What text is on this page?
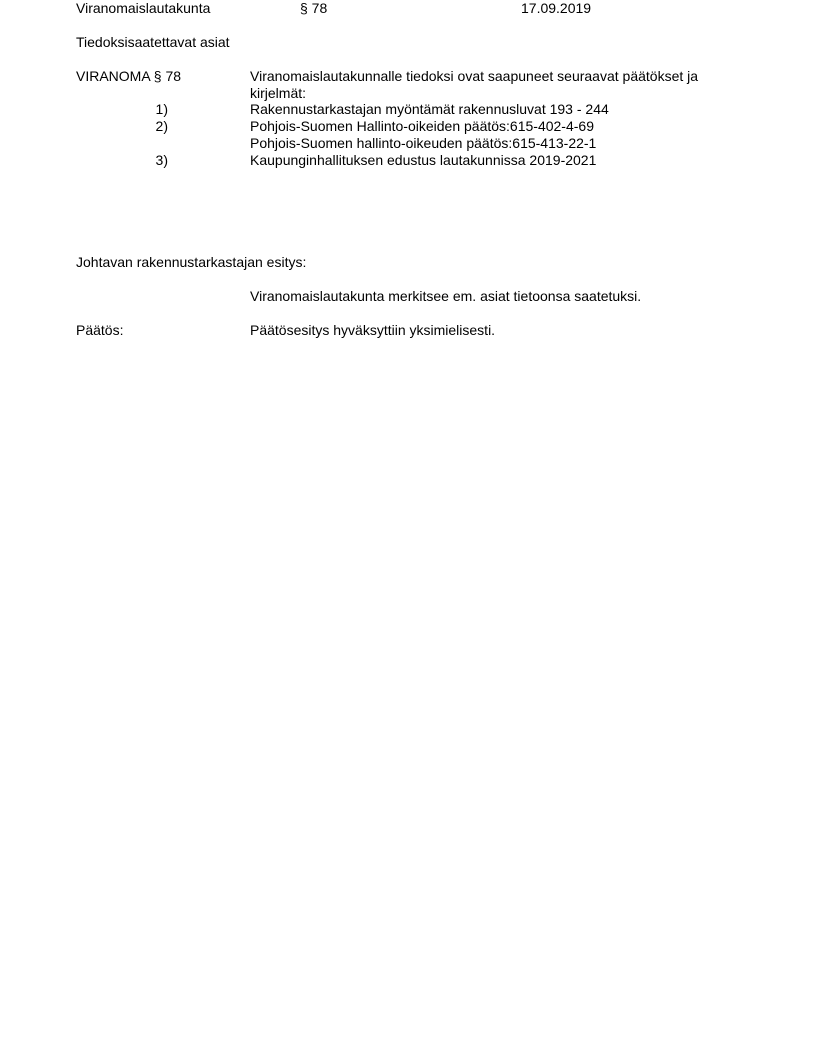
Viranomaislautakunta	§ 78	17.09.2019
Tiedoksisaatettavat asiat
VIRANOMA § 78	Viranomaislautakunnalle tiedoksi ovat saapuneet seuraavat päätökset ja kirjelmät:
1)	Rakennustarkastajan myöntämät rakennusluvat 193 - 244
2)	Pohjois-Suomen Hallinto-oikeiden päätös:615-402-4-69
Pohjois-Suomen hallinto-oikeuden päätös:615-413-22-1
3)	Kaupunginhallituksen edustus lautakunnissa 2019-2021
Johtavan rakennustarkastajan esitys:
Viranomaislautakunta merkitsee em. asiat tietoonsa saatetuksi.
Päätös:	Päätösesitys hyväksyttiin yksimielisesti.
